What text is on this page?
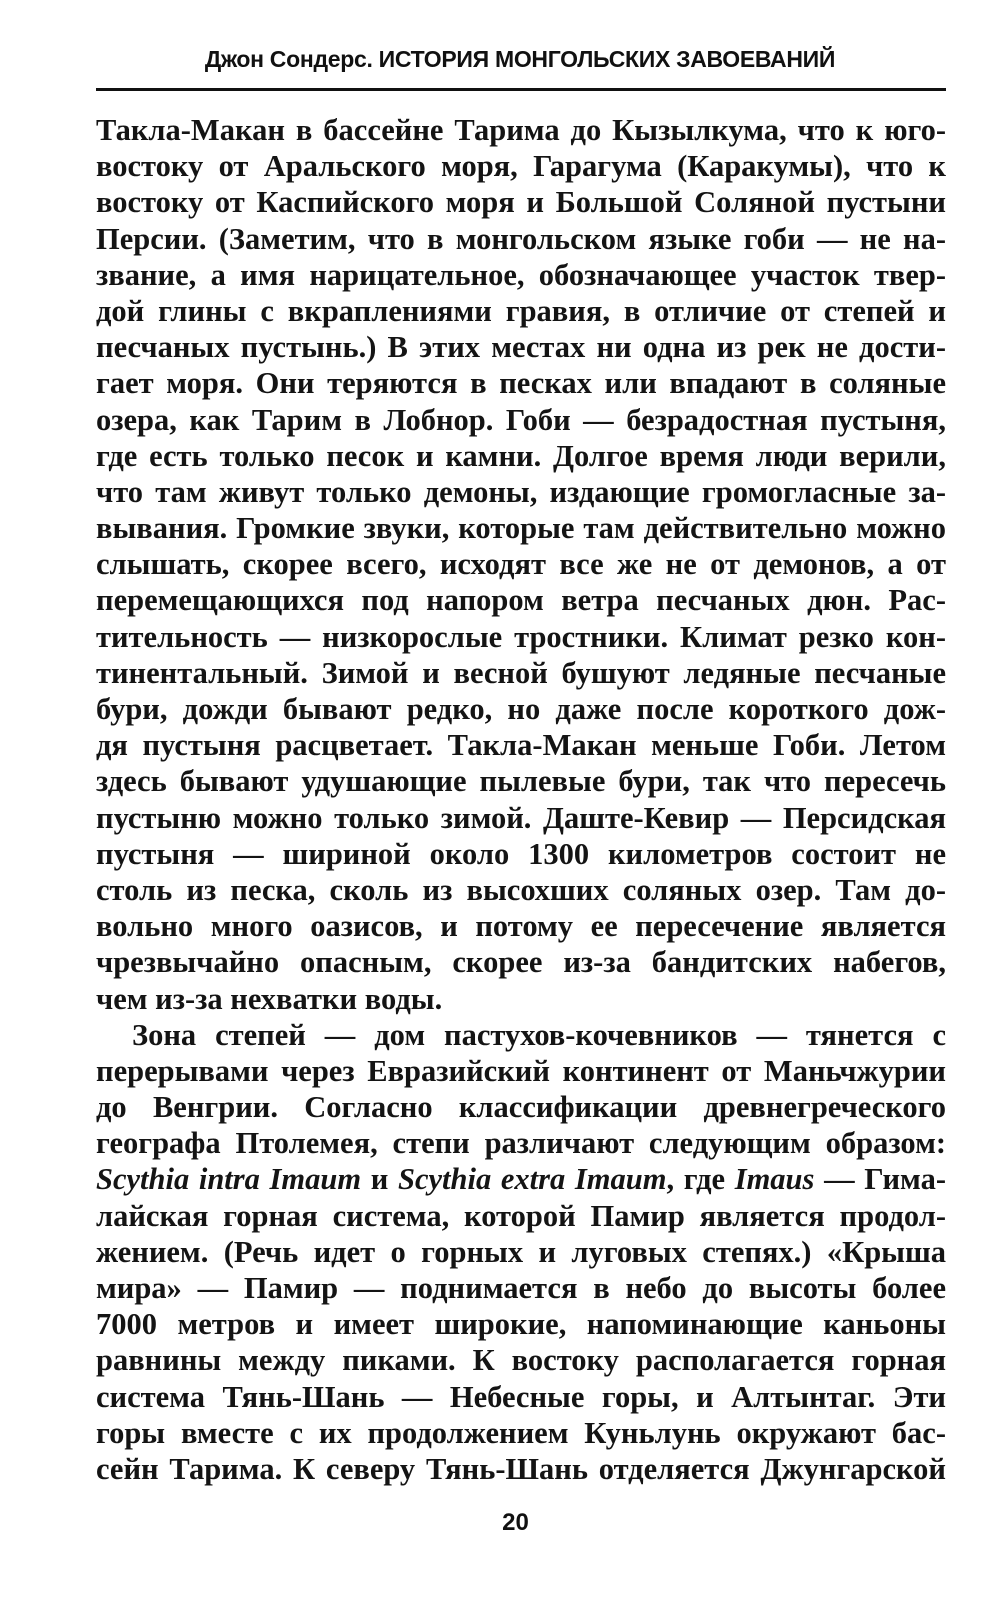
Джон Сондерс. ИСТОРИЯ МОНГОЛЬСКИХ ЗАВОЕВАНИЙ
Такла-Макан в бассейне Тарима до Кызылкума, что к юго-
востоку от Аральского моря, Гарагума (Каракумы), что к
востоку от Каспийского моря и Большой Соляной пустыни
Персии. (Заметим, что в монгольском языке гоби — не на-
звание, а имя нарицательное, обозначающее участок твер-
дой глины с вкраплениями гравия, в отличие от степей и
песчаных пустынь.) В этих местах ни одна из рек не дости-
гает моря. Они теряются в песках или впадают в соляные
озера, как Тарим в Лобнор. Гоби — безрадостная пустыня,
где есть только песок и камни. Долгое время люди верили,
что там живут только демоны, издающие громогласные за-
вывания. Громкие звуки, которые там действительно можно
слышать, скорее всего, исходят все же не от демонов, а от
перемещающихся под напором ветра песчаных дюн. Рас-
тительность — низкорослые тростники. Климат резко кон-
тинентальный. Зимой и весной бушуют ледяные песчаные
бури, дожди бывают редко, но даже после короткого дож-
дя пустыня расцветает. Такла-Макан меньше Гоби. Летом
здесь бывают удушающие пылевые бури, так что пересечь
пустыню можно только зимой. Даште-Кевир — Персидская
пустыня — шириной около 1300 километров состоит не
столь из песка, сколь из высохших соляных озер. Там до-
вольно много оазисов, и потому ее пересечение является
чрезвычайно опасным, скорее из-за бандитских набегов,
чем из-за нехватки воды.
Зона степей — дом пастухов-кочевников — тянется с
перерывами через Евразийский континент от Маньчжурии
до Венгрии. Согласно классификации древнегреческого
географа Птолемея, степи различают следующим образом:
Scythia intra Imaum и Scythia extra Imaum, где Imaus — Гима-
лайская горная система, которой Памир является продол-
жением. (Речь идет о горных и луговых степях.) «Крыша
мира» — Памир — поднимается в небо до высоты более
7000 метров и имеет широкие, напоминающие каньоны
равнины между пиками. К востоку располагается горная
система Тянь-Шань — Небесные горы, и Алтынтаг. Эти
горы вместе с их продолжением Куньлунь окружают бас-
сейн Тарима. К северу Тянь-Шань отделяется Джунгарской
20
